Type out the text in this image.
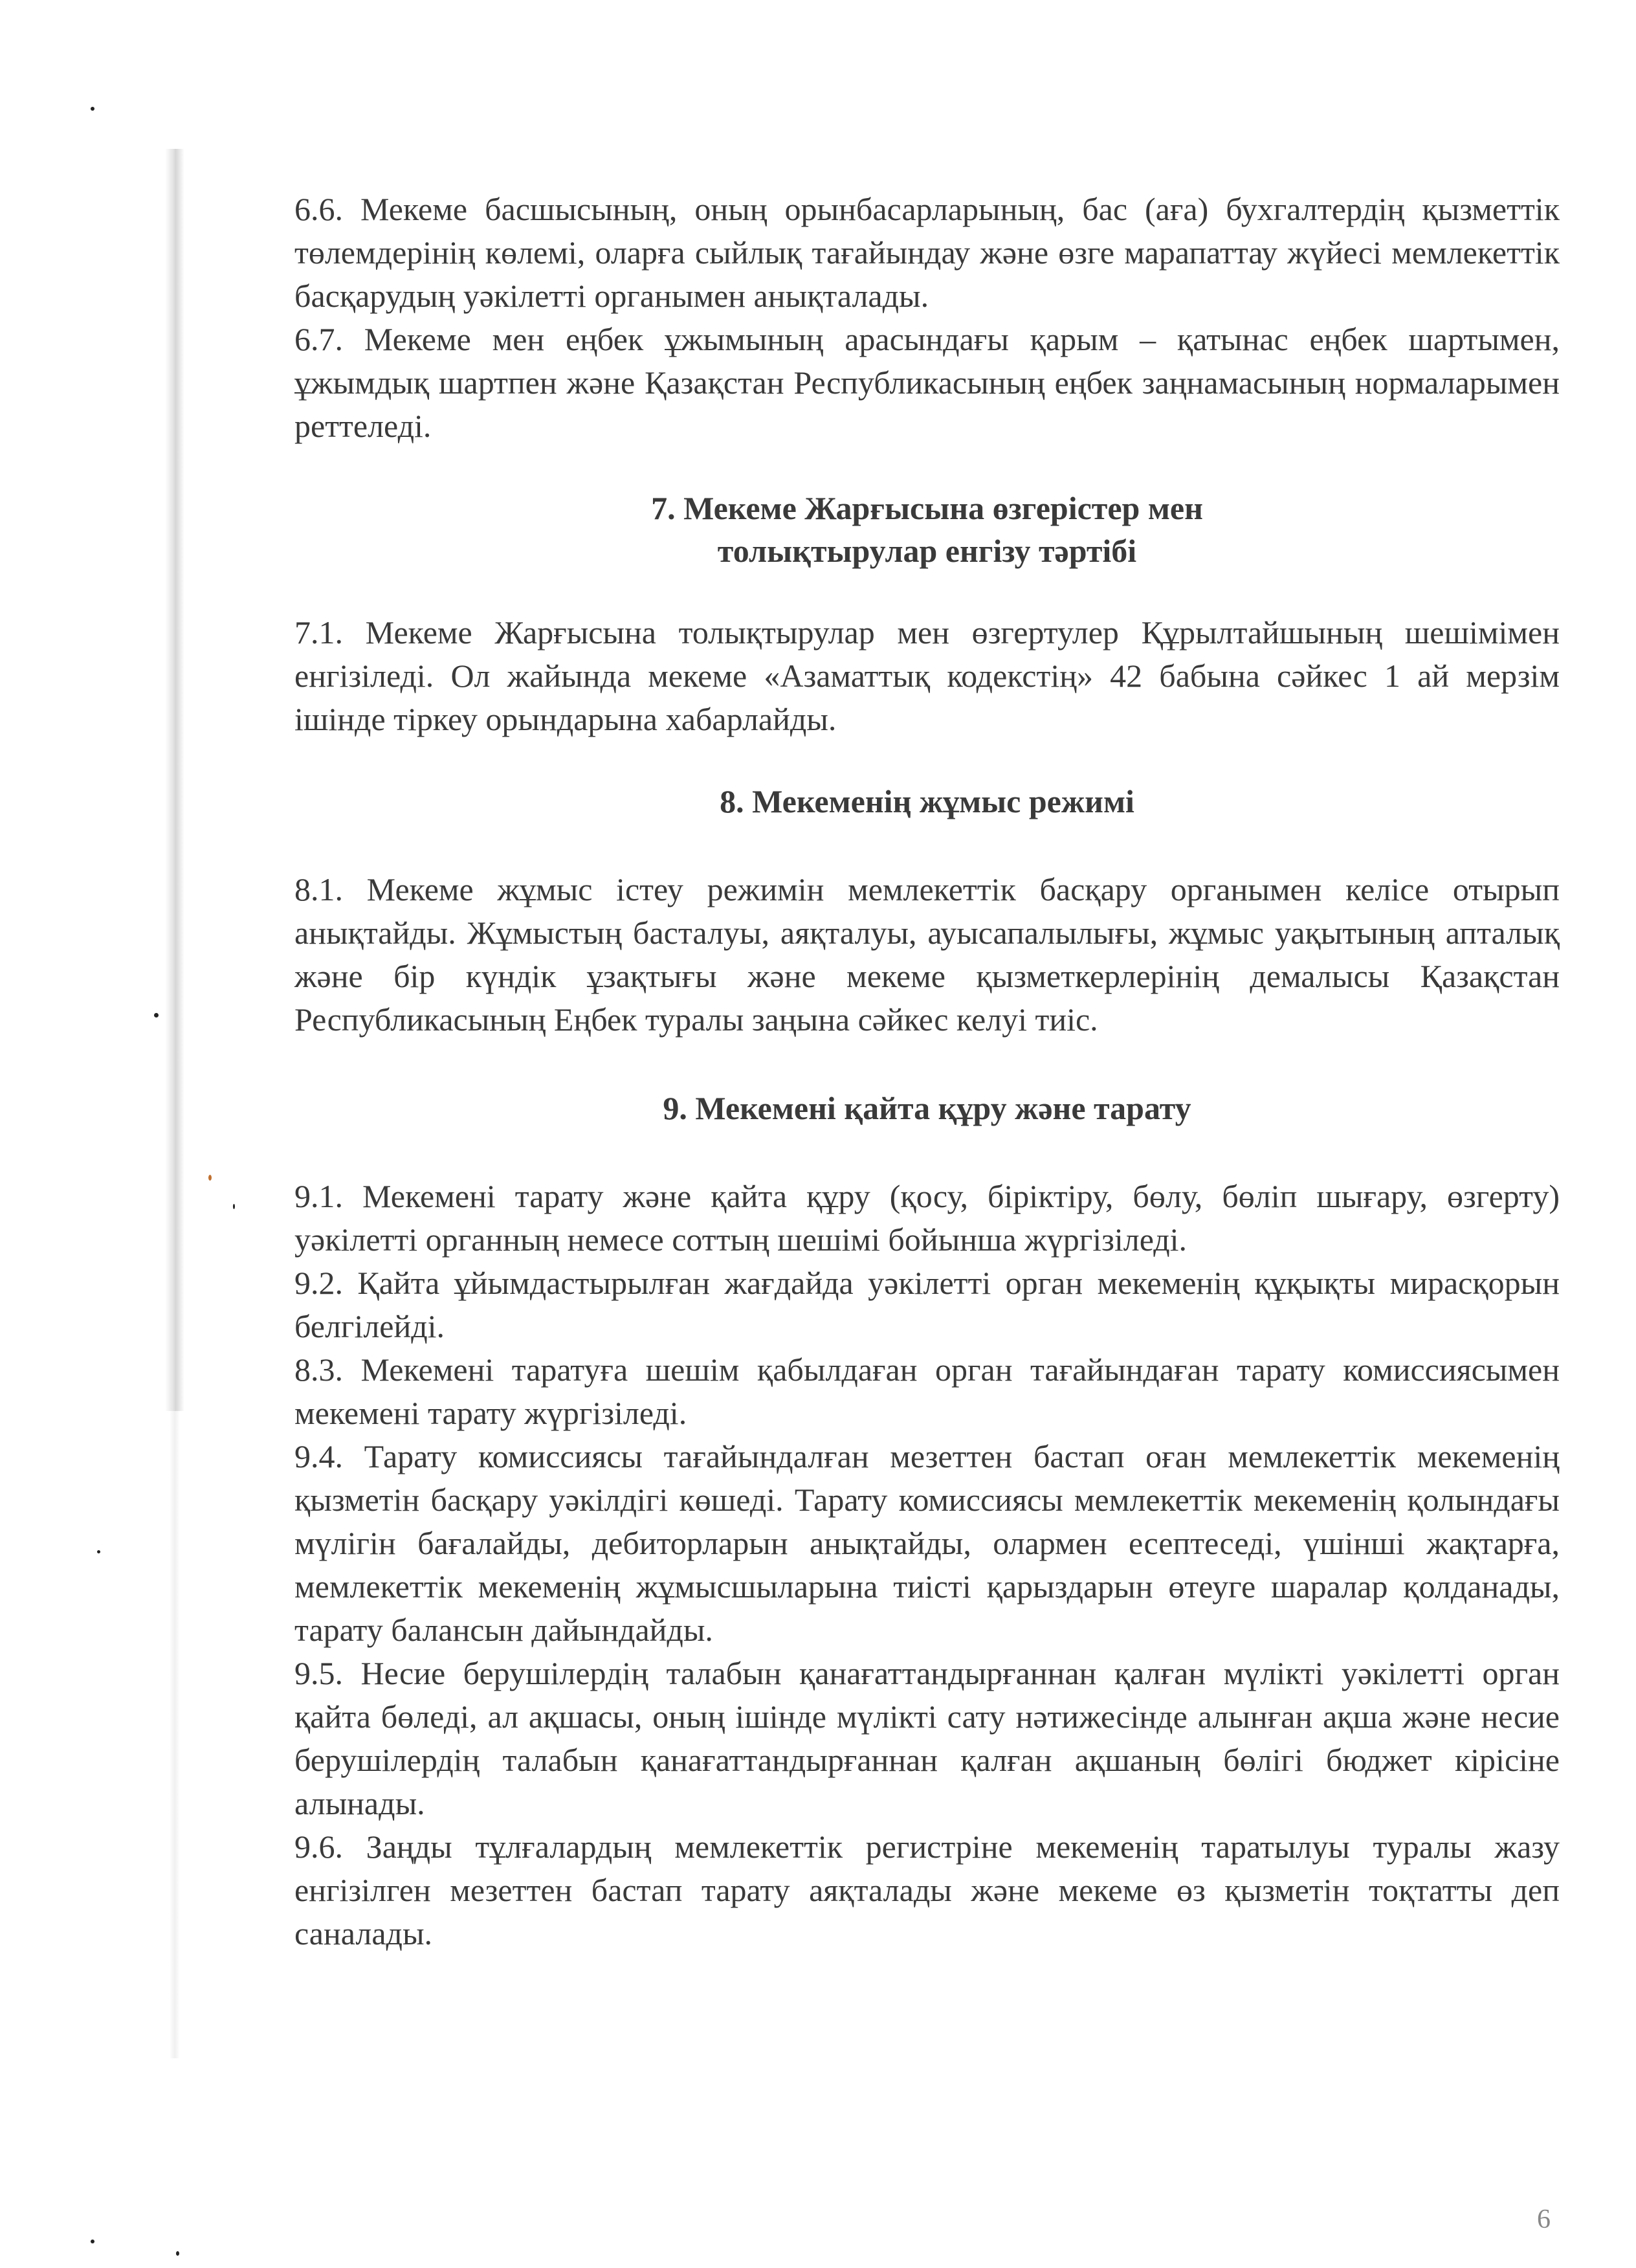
6.6. Мекеме басшысының, оның орынбасарларының, бас (аға) бухгалтердің қызметтік төлемдерінің көлемі, оларға сыйлық тағайындау және өзге марапаттау жүйесі мемлекеттік басқарудың уәкілетті органымен анықталады.

6.7. Мекеме мен еңбек ұжымының арасындағы қарым – қатынас еңбек шартымен, ұжымдық шартпен және Қазақстан Республикасының еңбек заңнамасының нормаларымен реттеледі.

7. Мекеме Жарғысына өзгерістер мен
толықтырулар енгізу тәртібі

7.1. Мекеме Жарғысына толықтырулар мен өзгертулер Құрылтайшының шешімімен енгізіледі. Ол жайында мекеме «Азаматтық кодекстің» 42 бабына сәйкес 1 ай мерзім ішінде тіркеу орындарына хабарлайды.

8. Мекеменің жұмыс режимі

8.1. Мекеме жұмыс істеу режимін мемлекеттік басқару органымен келісе отырып анықтайды. Жұмыстың басталуы, аяқталуы, ауысапалылығы, жұмыс уақытының апталық және бір күндік ұзақтығы және мекеме қызметкерлерінің демалысы Қазақстан Республикасының Еңбек туралы заңына сәйкес келуі тиіс.

9. Мекемені қайта құру және тарату

9.1. Мекемені тарату және қайта құру (қосу, біріктіру, бөлу, бөліп шығару, өзгерту) уәкілетті органның немесе соттың шешімі бойынша жүргізіледі.

9.2. Қайта ұйымдастырылған жағдайда уәкілетті орган мекеменің құқықты мирасқорын белгілейді.

8.3. Мекемені таратуға шешім қабылдаған орган тағайындаған тарату комиссиясымен мекемені тарату жүргізіледі.

9.4. Тарату комиссиясы тағайындалған мезеттен бастап оған мемлекеттік мекеменің қызметін басқару уәкілдігі көшеді. Тарату комиссиясы мемлекеттік мекеменің қолындағы мүлігін бағалайды, дебиторларын анықтайды, олармен есептеседі, үшінші жақтарға, мемлекеттік мекеменің жұмысшыларына тиісті қарыздарын өтеуге шаралар қолданады, тарату балансын дайындайды.

9.5. Несие берушілердің талабын қанағаттандырғаннан қалған мүлікті уәкілетті орган қайта бөледі, ал ақшасы, оның ішінде мүлікті сату нәтижесінде алынған ақша және несие берушілердің талабын қанағаттандырғаннан қалған ақшаның бөлігі бюджет кірісіне алынады.

9.6. Заңды тұлғалардың мемлекеттік регистріне мекеменің таратылуы туралы жазу енгізілген мезеттен бастап тарату аяқталады және мекеме өз қызметін тоқтатты деп саналады.

6
